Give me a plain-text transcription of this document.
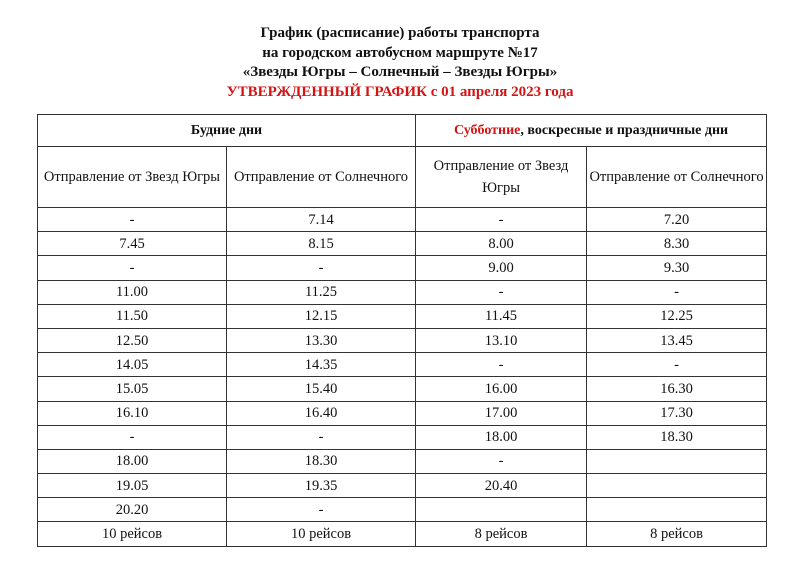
График (расписание) работы транспорта
на городском автобусном маршруте №17
«Звезды Югры – Солнечный – Звезды Югры»
УТВЕРЖДЕННЫЙ ГРАФИК с 01 апреля 2023 года
Будние дни		Субботние, воскресные и праздничные дни	
Отправление от Звезд Югры	Отправление от Солнечного	Отправление от Звезд Югры	Отправление от Солнечного
-	7.14	-	7.20
7.45	8.15	8.00	8.30
-	-	9.00	9.30
11.00	11.25	-	-
11.50	12.15	11.45	12.25
12.50	13.30	13.10	13.45
14.05	14.35	-	-
15.05	15.40	16.00	16.30
16.10	16.40	17.00	17.30
-	-	18.00	18.30
18.00	18.30	-	
19.05	19.35	20.40	
20.20	-		
10 рейсов	10 рейсов	8 рейсов	8 рейсов
